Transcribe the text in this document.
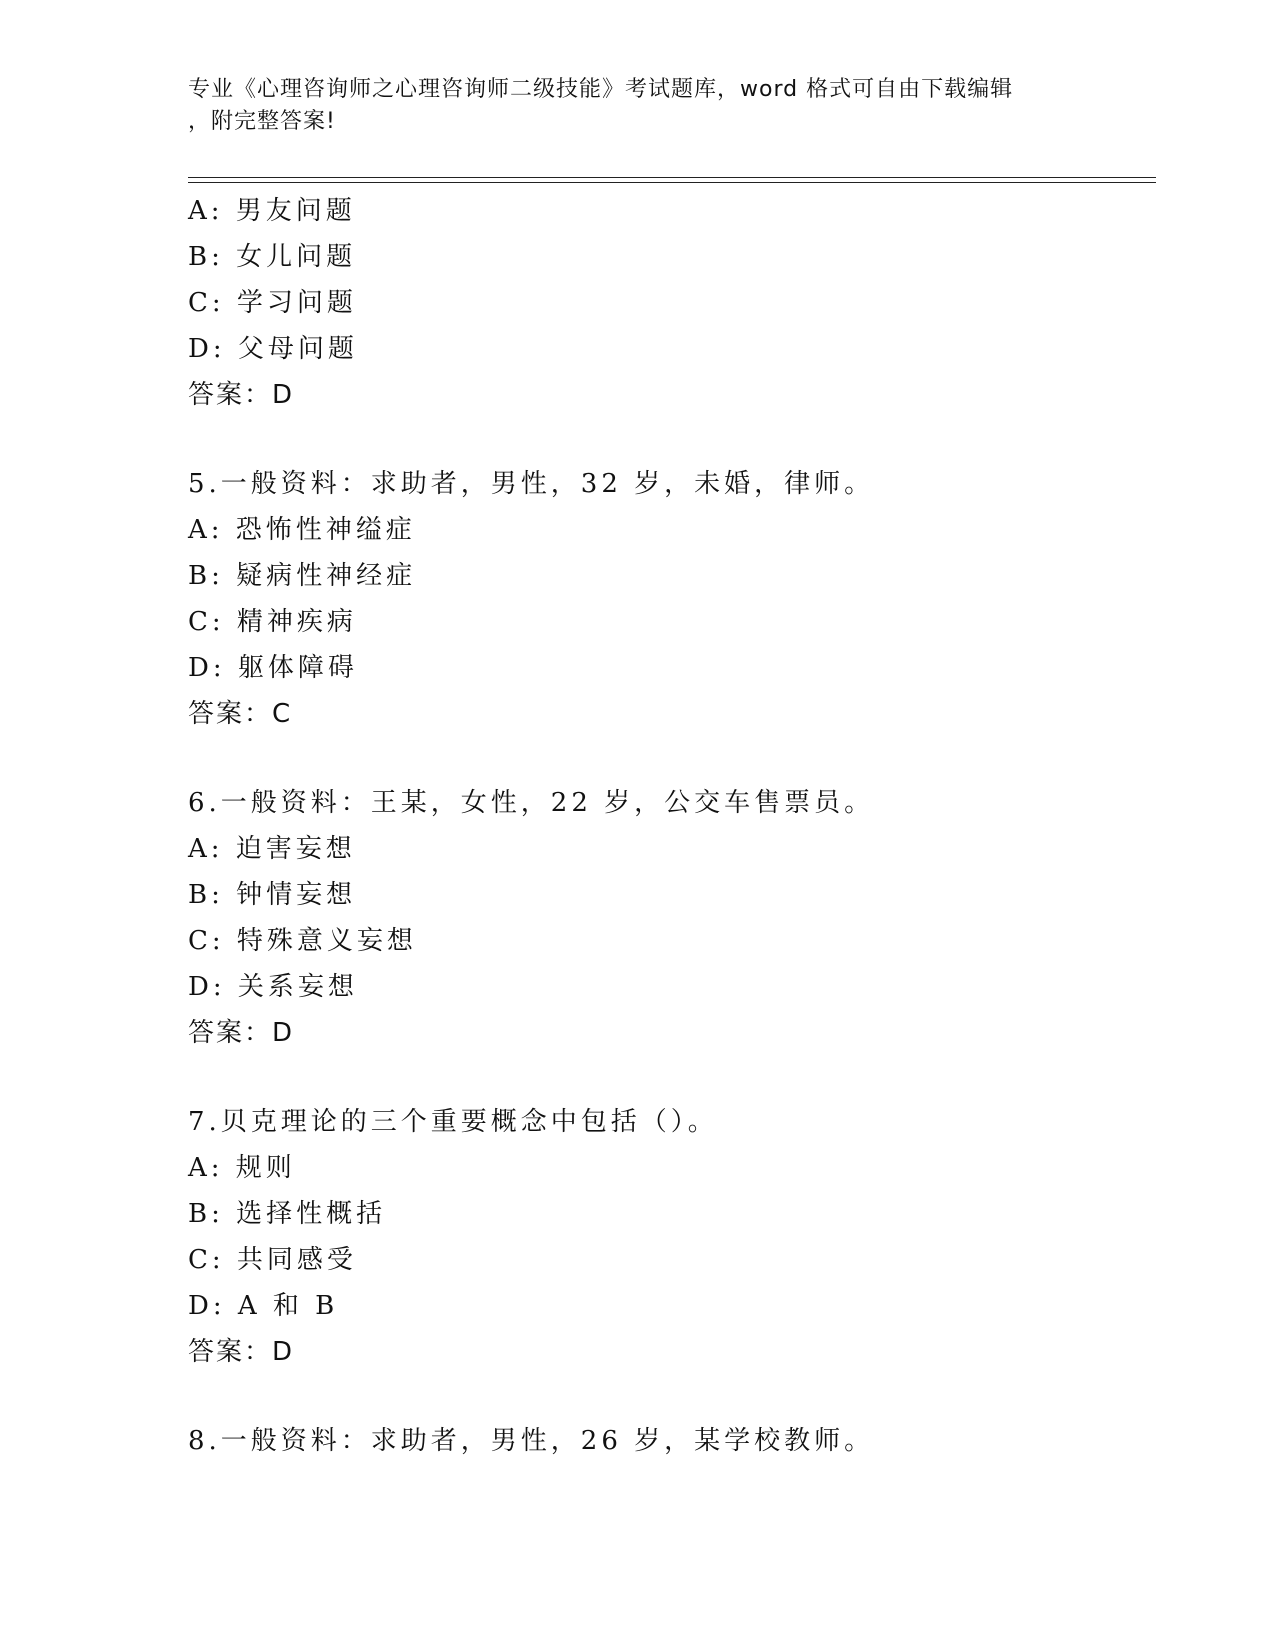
专业《心理咨询师之心理咨询师二级技能》考试题库，word 格式可自由下载编辑
，附完整答案!
A: 男友问题
B: 女儿问题
C: 学习问题
D: 父母问题
答案：D
5.一般资料：求助者，男性，32 岁，未婚，律师。
A: 恐怖性神缢症
B: 疑病性神经症
C: 精神疾病
D: 躯体障碍
答案：C
6.一般资料：王某，女性，22 岁，公交车售票员。
A: 迫害妄想
B: 钟情妄想
C: 特殊意义妄想
D: 关系妄想
答案：D
7.贝克理论的三个重要概念中包括（）。
A: 规则
B: 选择性概括
C: 共同感受
D: A 和 B
答案：D
8.一般资料：求助者，男性，26 岁，某学校教师。
